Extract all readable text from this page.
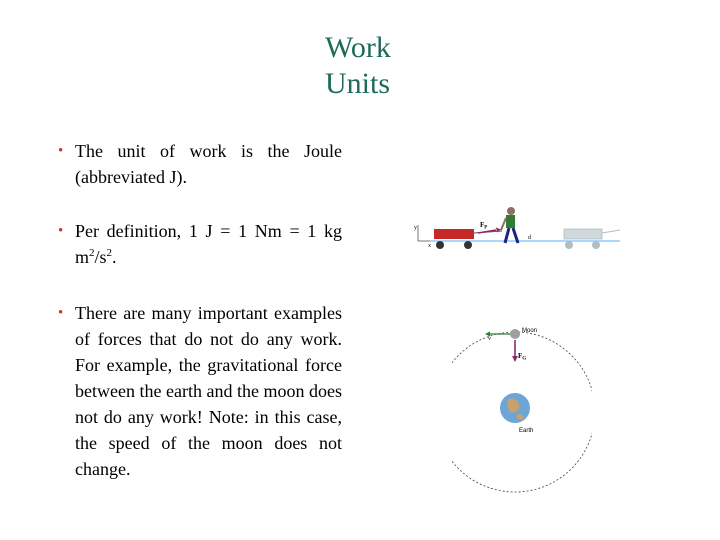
Work
Units
• The unit of work is the Joule (abbreviated J).
• Per definition, 1 J = 1 Nm = 1 kg $m^2/s^2$.
• There are many important examples of forces that do not do any work. For example, the gravitational force between the earth and the moon does not do any work! Note: in this case, the speed of the moon does not change.
y
x
$F_P$
d
v
Moon
$F_G$
Earth
